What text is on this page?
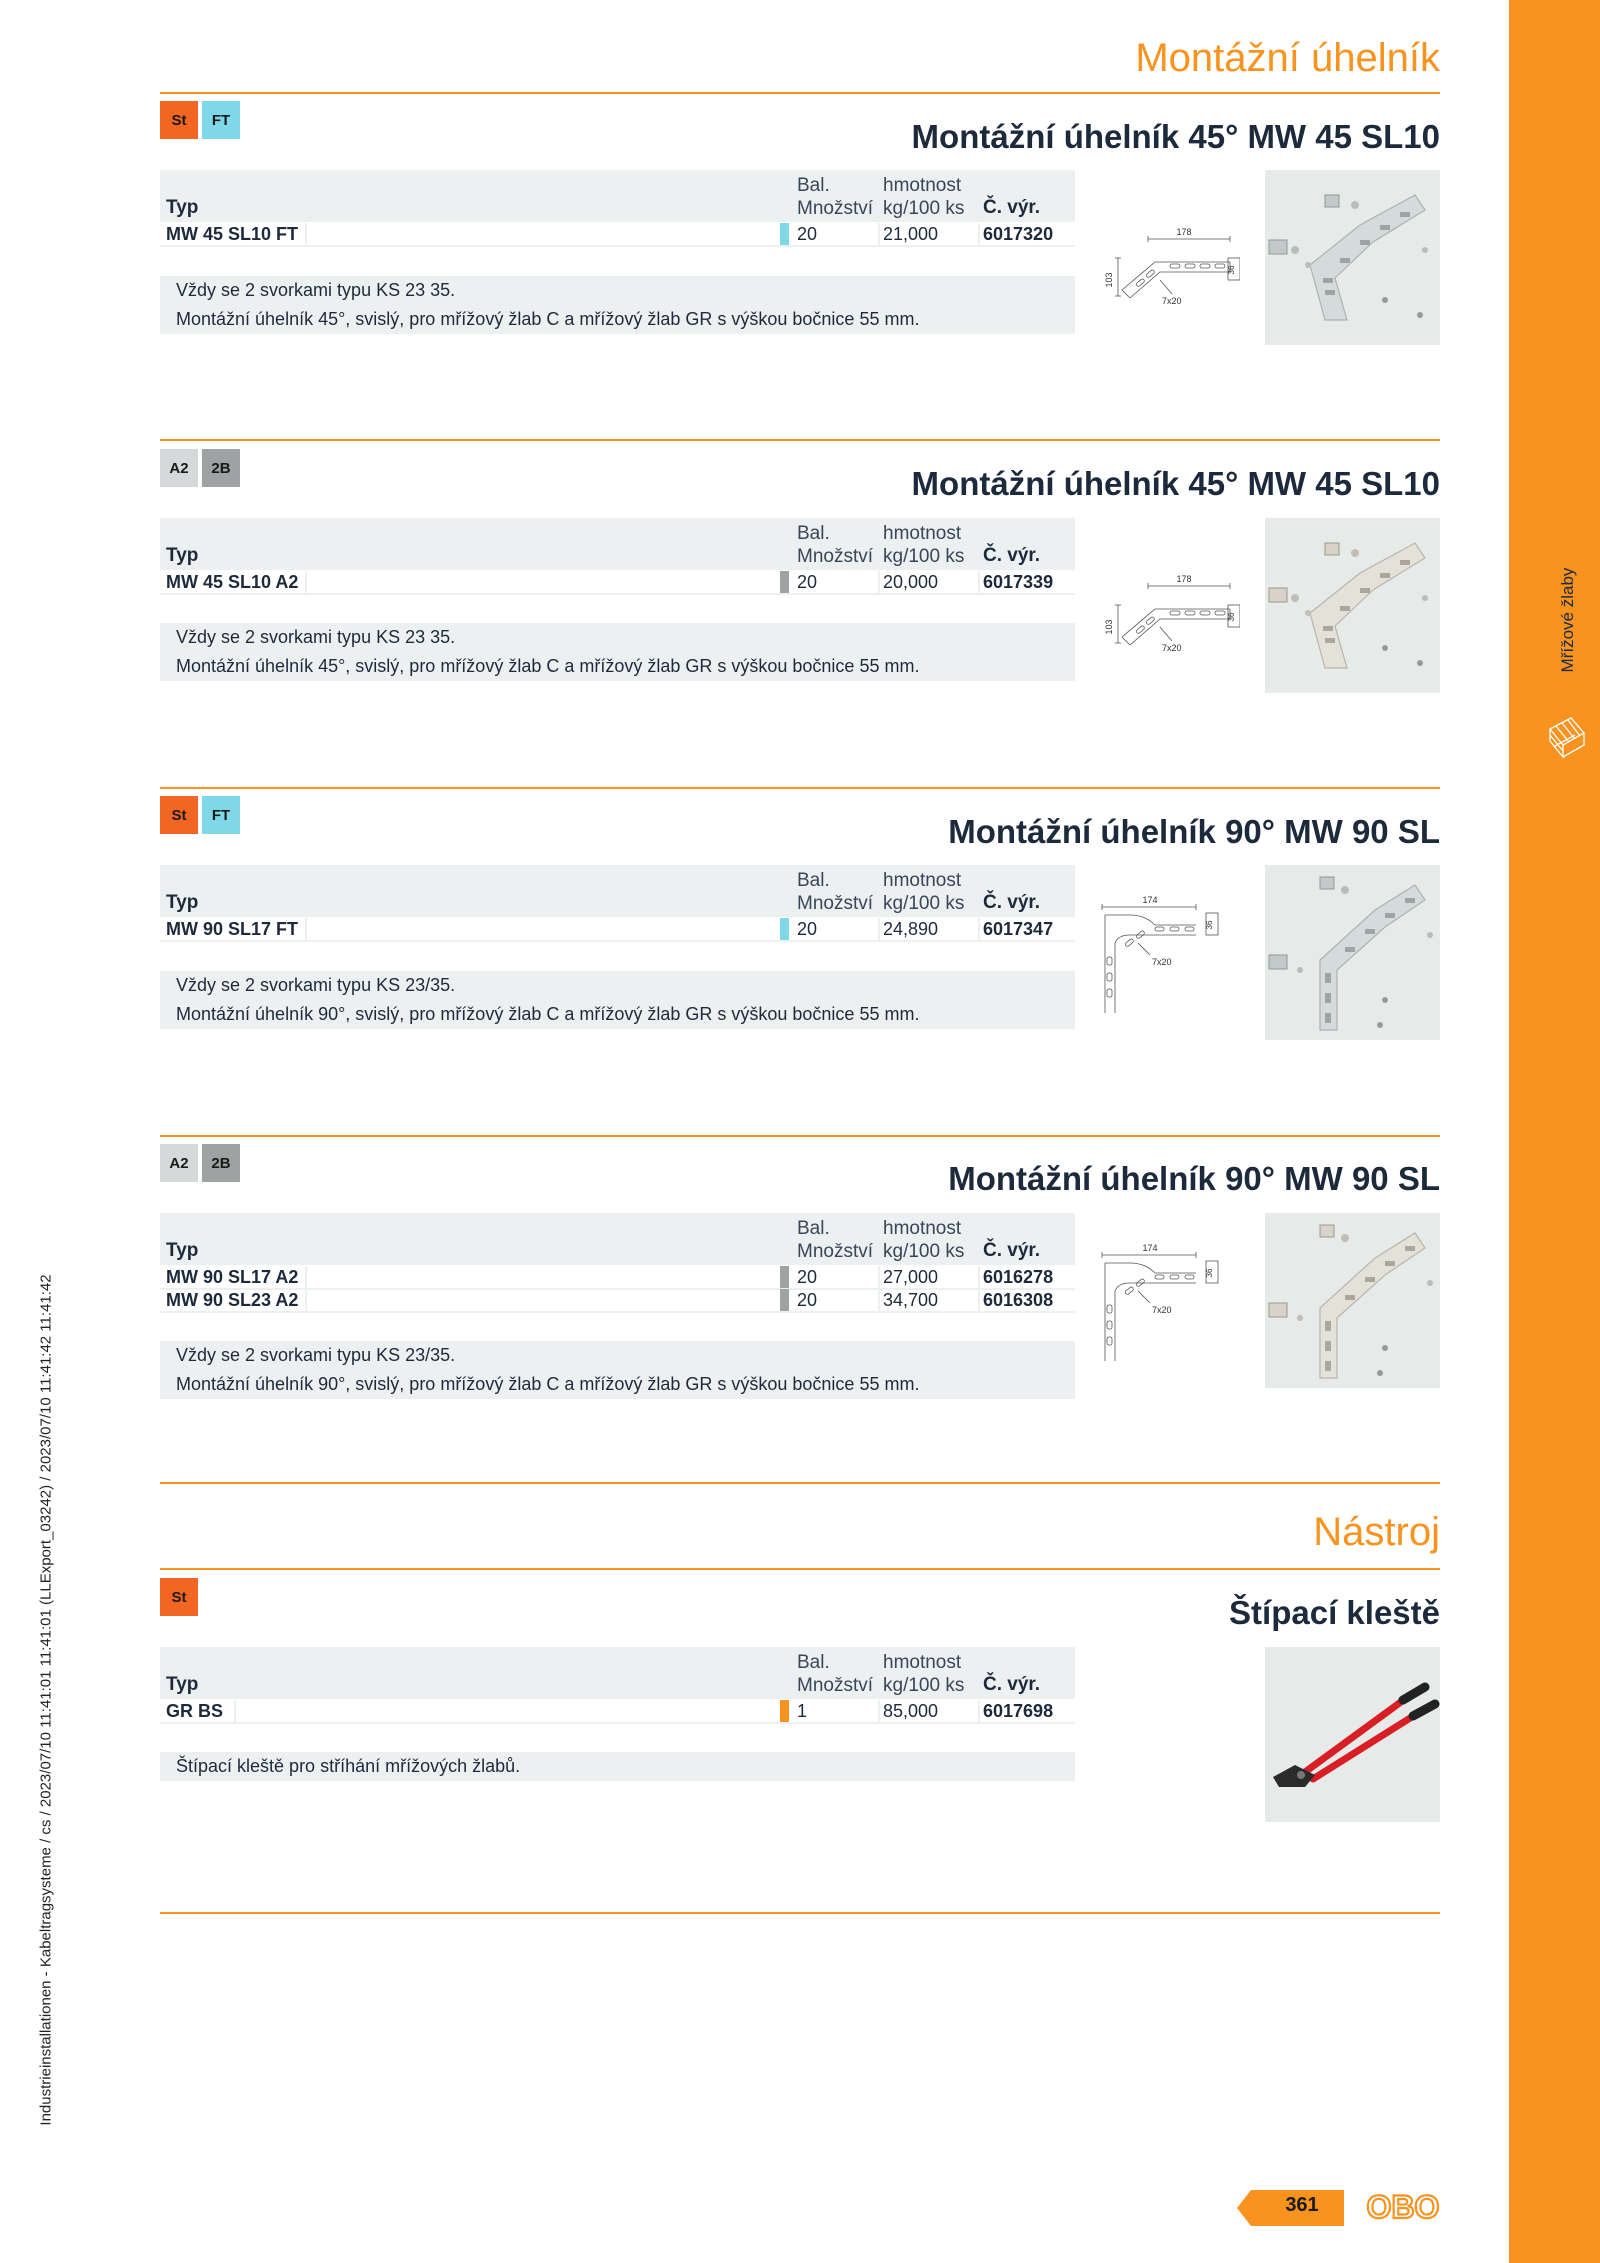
Mřížové žlaby
Industrieinstallationen - Kabeltragsysteme / cs / 2023/07/10 11:41:01 11:41:01 (LLExport_03242) / 2023/07/10 11:41:42 11:41:42
Montážní úhelník
St	FT	Montážní úhelník 45° MW 45 SL10
Typ
Bal.
Množství
hmotnost
kg/100 ks Č. výr.
MW 45 SL10 FT	20	21,000 6017320
Vždy se 2 svorkami typu KS 23 35.
Montážní úhelník 45°, svislý, pro mřížový žlab C a mřížový žlab GR s výškou bočnice 55 mm.
178
103
36
7x20
A2	2B	Montážní úhelník 45° MW 45 SL10
Typ
Bal.
Množství
hmotnost
kg/100 ks Č. výr.
MW 45 SL10 A2	20	20,000 6017339
Vždy se 2 svorkami typu KS 23 35.
Montážní úhelník 45°, svislý, pro mřížový žlab C a mřížový žlab GR s výškou bočnice 55 mm.
178
103
36
7x20
St	FT	Montážní úhelník 90° MW 90 SL
Typ
Bal.
Množství
hmotnost
kg/100 ks Č. výr.
MW 90 SL17 FT	20	24,890 6017347
Vždy se 2 svorkami typu KS 23/35.
Montážní úhelník 90°, svislý, pro mřížový žlab C a mřížový žlab GR s výškou bočnice 55 mm.
174
36
7x20
A2	2B	Montážní úhelník 90° MW 90 SL
Typ
Bal.
Množství
hmotnost
kg/100 ks Č. výr.
MW 90 SL17 A2	20	27,000 6016278
MW 90 SL23 A2	20	34,700 6016308
Vždy se 2 svorkami typu KS 23/35.
Montážní úhelník 90°, svislý, pro mřížový žlab C a mřížový žlab GR s výškou bočnice 55 mm.
174
36
7x20
Nástroj
St	Štípací kleště
Typ
Bal.
Množství
hmotnost
kg/100 ks Č. výr.
GR BS	1	85,000 6017698
Štípací kleště pro stříhání mřížových žlabů.
361	OBO
